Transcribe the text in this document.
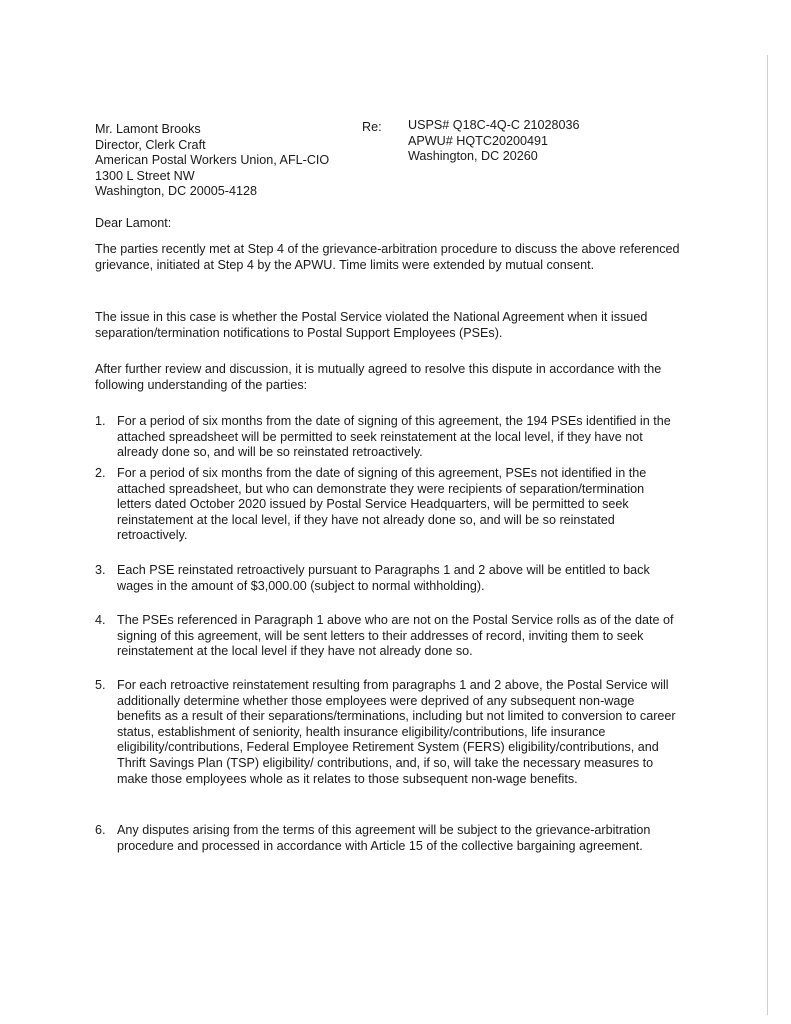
Mr. Lamont Brooks
Director, Clerk Craft
American Postal Workers Union, AFL-CIO
1300 L Street NW
Washington, DC 20005-4128
Re: USPS# Q18C-4Q-C 21028036
APWU# HQTC20200491
Washington, DC 20260
Dear Lamont:
The parties recently met at Step 4 of the grievance-arbitration procedure to discuss the above referenced grievance, initiated at Step 4 by the APWU. Time limits were extended by mutual consent.
The issue in this case is whether the Postal Service violated the National Agreement when it issued separation/termination notifications to Postal Support Employees (PSEs).
After further review and discussion, it is mutually agreed to resolve this dispute in accordance with the following understanding of the parties:
1. For a period of six months from the date of signing of this agreement, the 194 PSEs identified in the attached spreadsheet will be permitted to seek reinstatement at the local level, if they have not already done so, and will be so reinstated retroactively.
2. For a period of six months from the date of signing of this agreement, PSEs not identified in the attached spreadsheet, but who can demonstrate they were recipients of separation/termination letters dated October 2020 issued by Postal Service Headquarters, will be permitted to seek reinstatement at the local level, if they have not already done so, and will be so reinstated retroactively.
3. Each PSE reinstated retroactively pursuant to Paragraphs 1 and 2 above will be entitled to back wages in the amount of $3,000.00 (subject to normal withholding).
4. The PSEs referenced in Paragraph 1 above who are not on the Postal Service rolls as of the date of signing of this agreement, will be sent letters to their addresses of record, inviting them to seek reinstatement at the local level if they have not already done so.
5. For each retroactive reinstatement resulting from paragraphs 1 and 2 above, the Postal Service will additionally determine whether those employees were deprived of any subsequent non-wage benefits as a result of their separations/terminations, including but not limited to conversion to career status, establishment of seniority, health insurance eligibility/contributions, life insurance eligibility/contributions, Federal Employee Retirement System (FERS) eligibility/contributions, and Thrift Savings Plan (TSP) eligibility/ contributions, and, if so, will take the necessary measures to make those employees whole as it relates to those subsequent non-wage benefits.
6. Any disputes arising from the terms of this agreement will be subject to the grievance-arbitration procedure and processed in accordance with Article 15 of the collective bargaining agreement.
